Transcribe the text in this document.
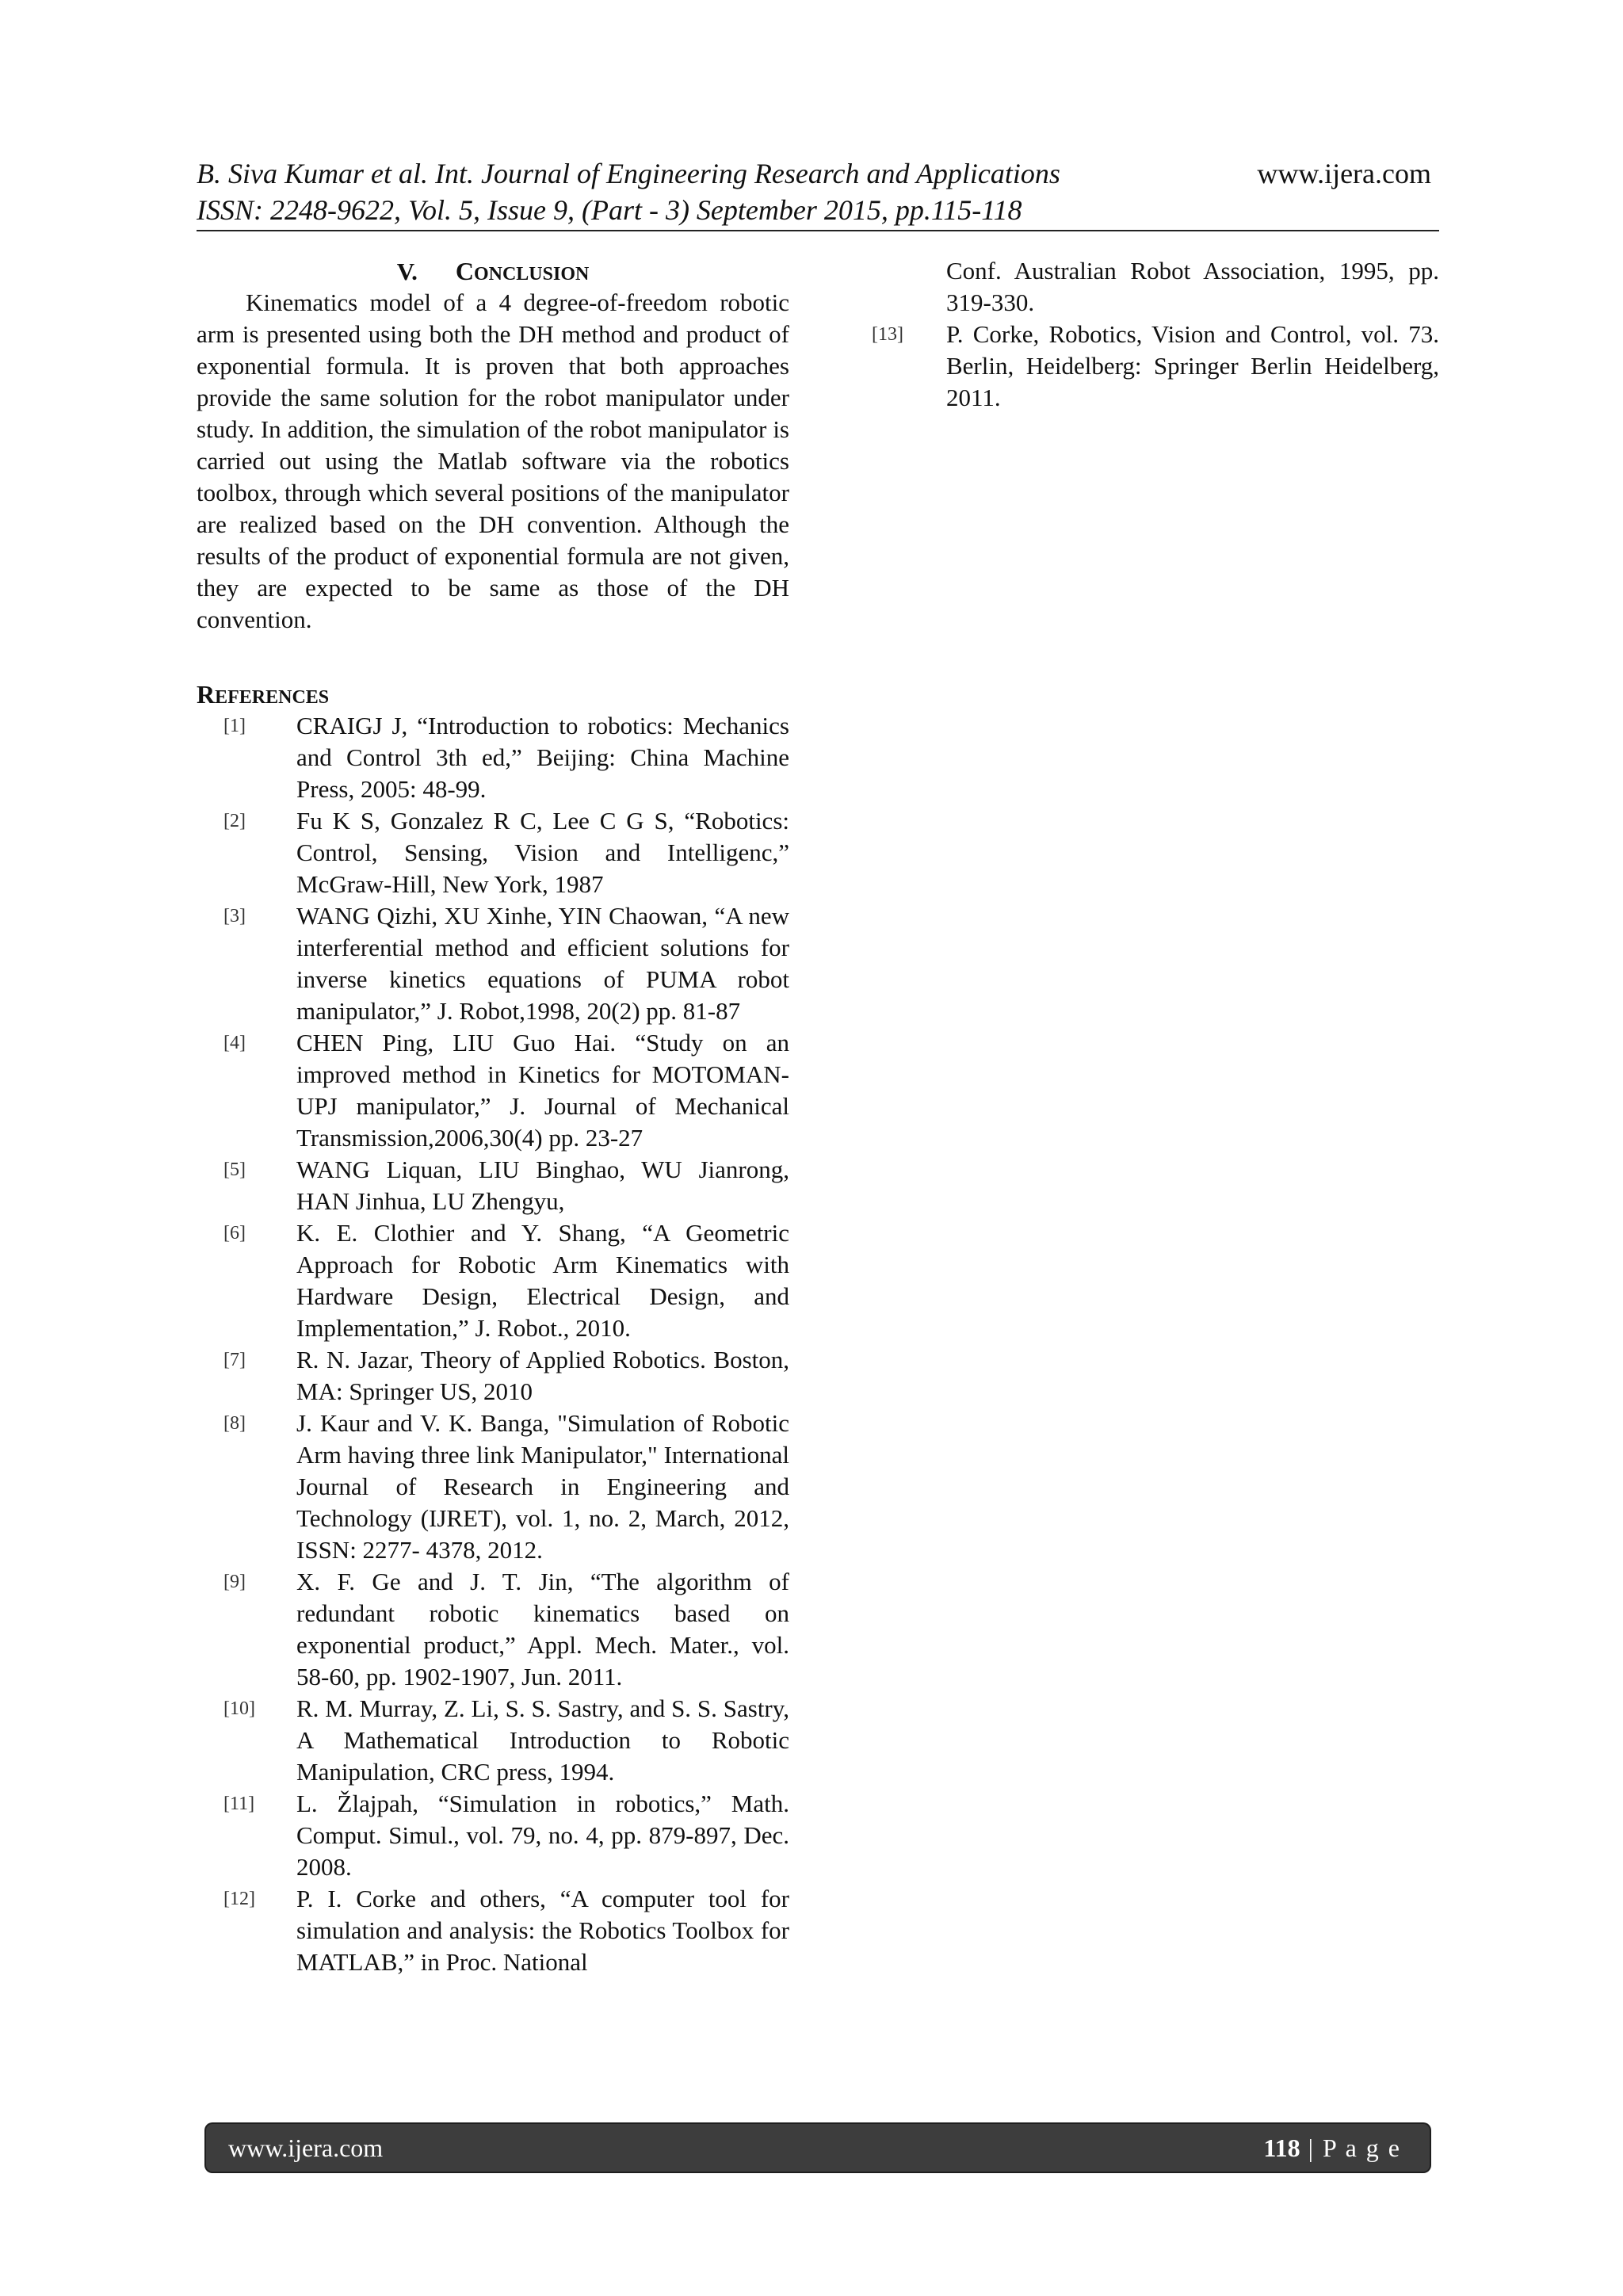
B. Siva Kumar et al. Int. Journal of Engineering Research and Applications	www.ijera.com
ISSN: 2248-9622, Vol. 5, Issue 9, (Part - 3) September 2015, pp.115-118
V. CONCLUSION

Kinematics model of a 4 degree-of-freedom robotic arm is presented using both the DH method and product of exponential formula. It is proven that both approaches provide the same solution for the robot manipulator under study. In addition, the simulation of the robot manipulator is carried out using the Matlab software via the robotics toolbox, through which several positions of the manipulator are realized based on the DH convention. Although the results of the product of exponential formula are not given, they are expected to be same as those of the DH convention.

REFERENCES
[1] CRAIGJ J, “Introduction to robotics: Mechanics and Control 3th ed,” Beijing: China Machine Press, 2005: 48-99.
[2] Fu K S, Gonzalez R C, Lee C G S, “Robotics: Control, Sensing, Vision and Intelligenc,” McGraw-Hill, New York, 1987
[3] WANG Qizhi, XU Xinhe, YIN Chaowan, “A new interferential method and efficient solutions for inverse kinetics equations of PUMA robot manipulator,” J. Robot,1998, 20(2) pp. 81-87
[4] CHEN Ping, LIU Guo Hai. “Study on an improved method in Kinetics for MOTOMAN-UPJ manipulator,” J. Journal of Mechanical Transmission,2006,30(4) pp. 23-27
[5] WANG Liquan, LIU Binghao, WU Jianrong, HAN Jinhua, LU Zhengyu,
[6] K. E. Clothier and Y. Shang, “A Geometric Approach for Robotic Arm Kinematics with Hardware Design, Electrical Design, and Implementation,” J. Robot., 2010.
[7] R. N. Jazar, Theory of Applied Robotics. Boston, MA: Springer US, 2010
[8] J. Kaur and V. K. Banga, "Simulation of Robotic Arm having three link Manipulator," International Journal of Research in Engineering and Technology (IJRET), vol. 1, no. 2, March, 2012, ISSN: 2277- 4378, 2012.
[9] X. F. Ge and J. T. Jin, “The algorithm of redundant robotic kinematics based on exponential product,” Appl. Mech. Mater., vol. 58-60, pp. 1902-1907, Jun. 2011.
[10] R. M. Murray, Z. Li, S. S. Sastry, and S. S. Sastry, A Mathematical Introduction to Robotic Manipulation, CRC press, 1994.
[11] L. Žlajpah, “Simulation in robotics,” Math. Comput. Simul., vol. 79, no. 4, pp. 879-897, Dec. 2008.
[12] P. I. Corke and others, “A computer tool for simulation and analysis: the Robotics Toolbox for MATLAB,” in Proc. National
Conf. Australian Robot Association, 1995, pp. 319-330.
[13] P. Corke, Robotics, Vision and Control, vol. 73. Berlin, Heidelberg: Springer Berlin Heidelberg, 2011.
www.ijera.com	118 | P a g e
